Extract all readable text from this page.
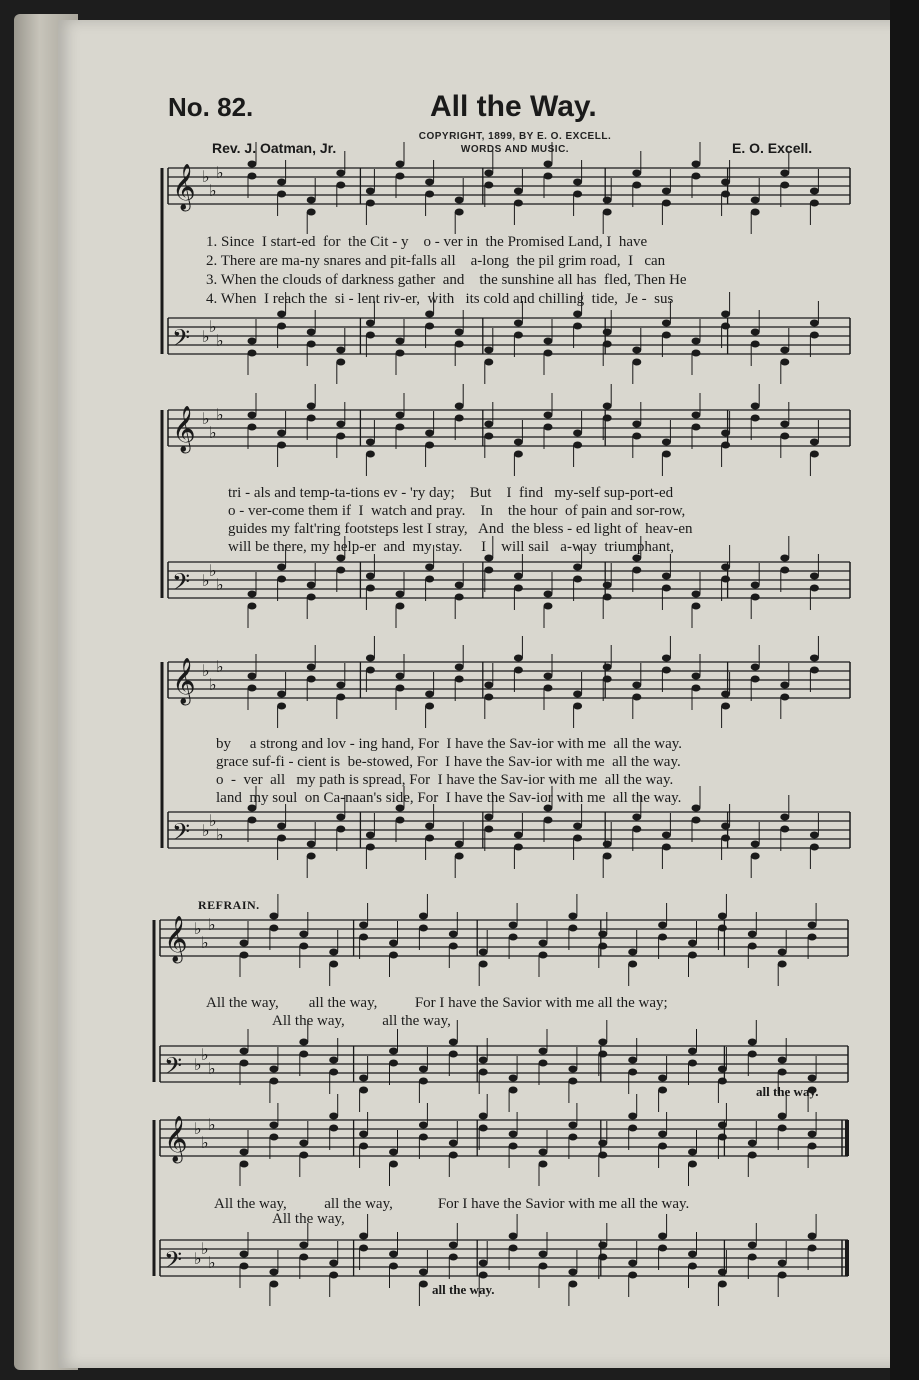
No. 82.	All the Way.
COPYRIGHT, 1899, BY E. O. EXCELL.
WORDS AND MUSIC.
Rev. J. Oatman, Jr.	E. O. Excell.
𝄞 ♭
♭
♭
𝄢 ♭
♭
♭
𝄞 ♭
♭
♭
𝄢 ♭
♭
♭
𝄞 ♭
♭
♭
𝄢 ♭
♭
♭
𝄞 ♭
♭
♭
𝄢 ♭
♭
♭
𝄞 ♭
♭
♭
𝄢 ♭
♭
♭
1. Since  I start-ed  for  the Cit - y    o - ver in  the Promised Land, I  have
2. There are ma-ny snares and pit-falls all    a-long  the pil grim road,  I   can
3. When the clouds of darkness gather  and    the sunshine all has  fled, Then He
4. When  I reach the  si - lent riv-er,  with   its cold and chilling  tide,  Je -  sus
tri - als and temp-ta-tions ev - 'ry day;    But    I  find   my-self sup-port-ed
o - ver-come them if  I  watch and pray.    In    the hour  of pain and sor-row,
guides my falt'ring footsteps lest I stray,   And  the bless - ed light of  heav-en
will be there, my help-er  and  my stay.     I    will sail   a-way  triumphant,
by     a strong and lov - ing hand, For  I have the Sav-ior with me  all the way.
grace suf-fi - cient is  be-stowed, For  I have the Sav-ior with me  all the way.
o  -  ver  all   my path is spread, For  I have the Sav-ior with me  all the way.
land  my soul  on Ca-naan's side, For  I have the Sav-ior with me  all the way.
REFRAIN.
All the way,        all the way,          For I have the Savior with me all the way;
All the way,          all the way,
all the way.
All the way,          all the way,            For I have the Savior with me all the way.
All the way,
all the way.
